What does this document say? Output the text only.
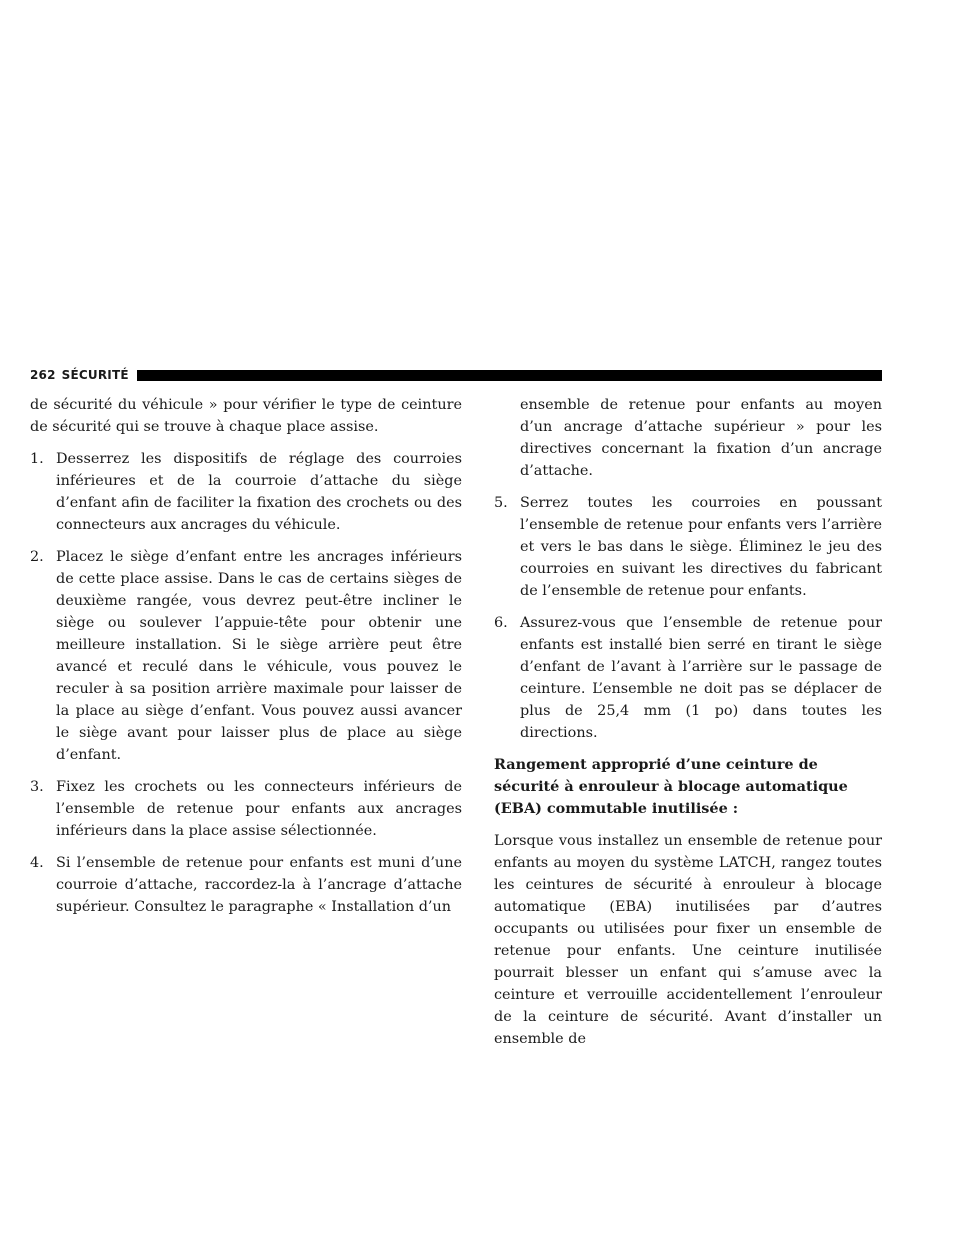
262 SÉCURITÉ

de sécurité du véhicule » pour vérifier le type de ceinture de sécurité qui se trouve à chaque place assise.

1. Desserrez les dispositifs de réglage des courroies inférieures et de la courroie d’attache du siège d’enfant afin de faciliter la fixation des crochets ou des connecteurs aux ancrages du véhicule.
2. Placez le siège d’enfant entre les ancrages inférieurs de cette place assise. Dans le cas de certains sièges de deuxième rangée, vous devrez peut-être incliner le siège ou soulever l’appuie-tête pour obtenir une meilleure installation. Si le siège arrière peut être avancé et reculé dans le véhicule, vous pouvez le reculer à sa position arrière maximale pour laisser de la place au siège d’enfant. Vous pouvez aussi avancer le siège avant pour laisser plus de place au siège d’enfant.
3. Fixez les crochets ou les connecteurs inférieurs de l’ensemble de retenue pour enfants aux ancrages inférieurs dans la place assise sélectionnée.
4. Si l’ensemble de retenue pour enfants est muni d’une courroie d’attache, raccordez-la à l’ancrage d’attache supérieur. Consultez le paragraphe « Installation d’un

ensemble de retenue pour enfants au moyen d’un ancrage d’attache supérieur » pour les directives concernant la fixation d’un ancrage d’attache.

5. Serrez toutes les courroies en poussant l’ensemble de retenue pour enfants vers l’arrière et vers le bas dans le siège. Éliminez le jeu des courroies en suivant les directives du fabricant de l’ensemble de retenue pour enfants.
6. Assurez-vous que l’ensemble de retenue pour enfants est installé bien serré en tirant le siège d’enfant de l’avant à l’arrière sur le passage de ceinture. L’ensemble ne doit pas se déplacer de plus de 25,4 mm (1 po) dans toutes les directions.
Rangement approprié d’une ceinture de sécurité à enrouleur à blocage automatique (EBA) commutable inutilisée :

Lorsque vous installez un ensemble de retenue pour enfants au moyen du système LATCH, rangez toutes les ceintures de sécurité à enrouleur à blocage automatique (EBA) inutilisées par d’autres occupants ou utilisées pour fixer un ensemble de retenue pour enfants. Une ceinture inutilisée pourrait blesser un enfant qui s’amuse avec la ceinture et verrouille accidentellement l’enrouleur de la ceinture de sécurité. Avant d’installer un ensemble de
